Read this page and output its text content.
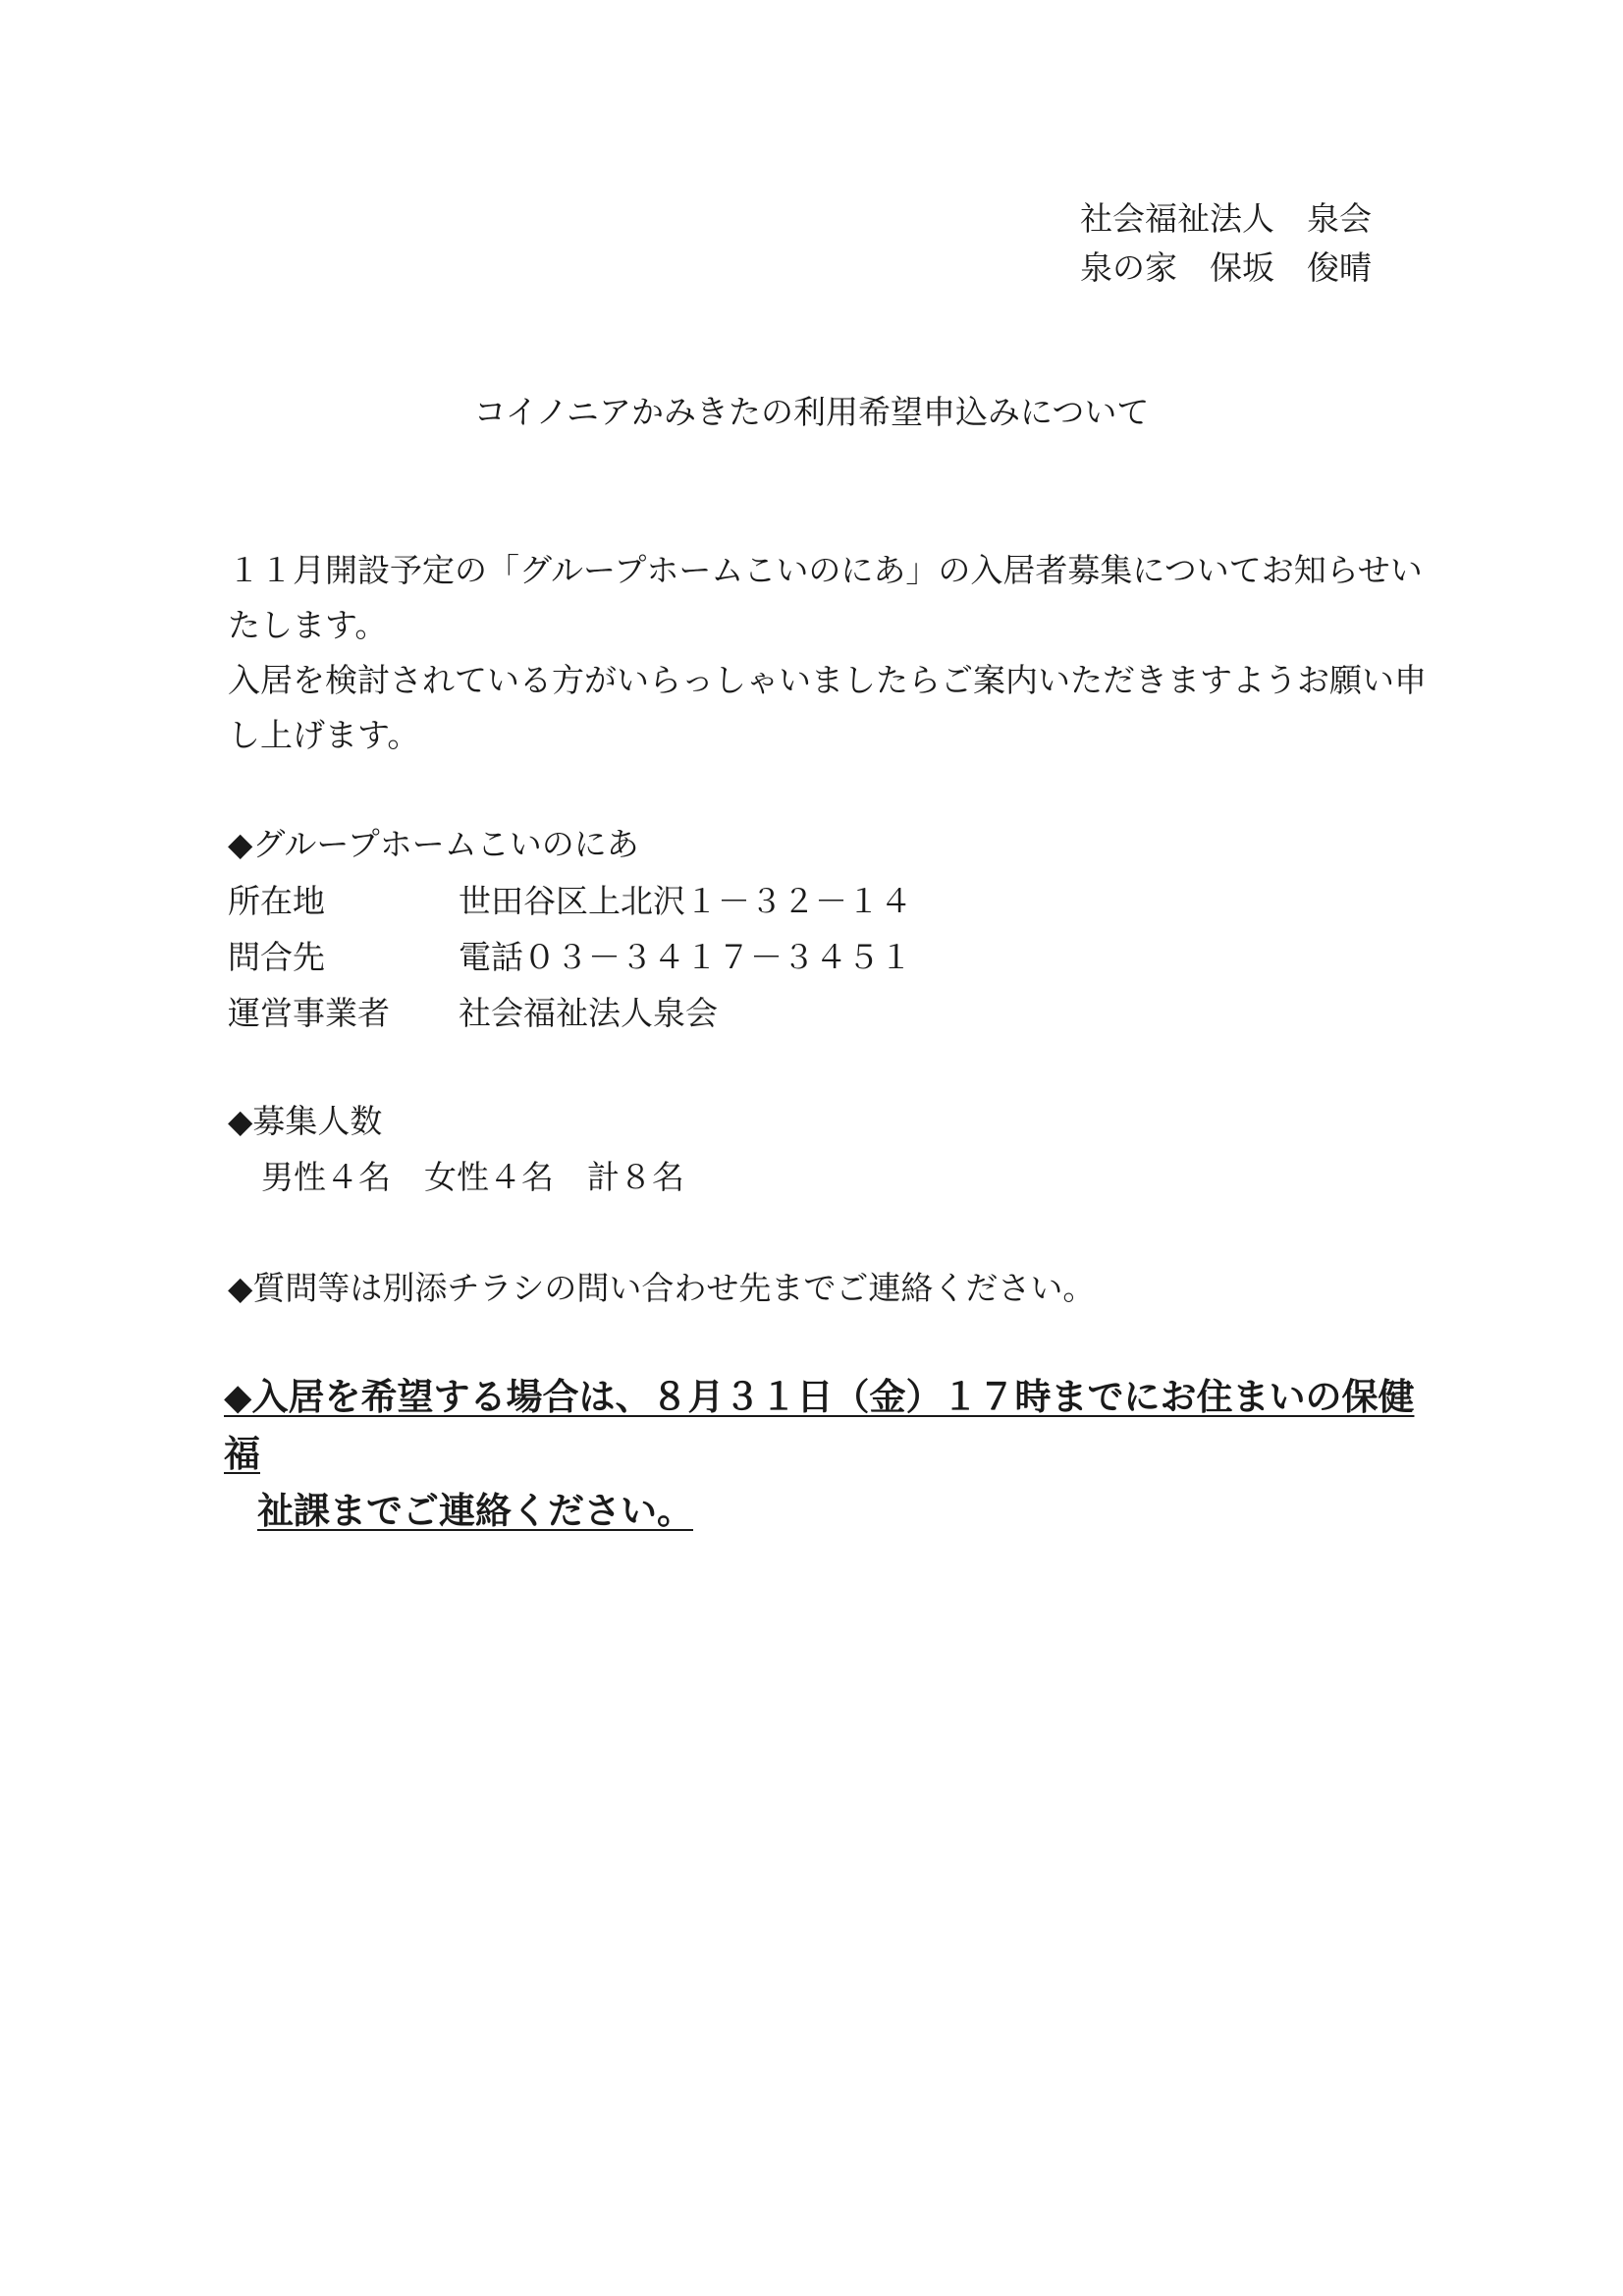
社会福祉法人　泉会
泉の家　保坂　俊晴
コイノニアかみきたの利用希望申込みについて

１１月開設予定の「グループホームこいのにあ」の入居者募集についてお知らせい

たします。

入居を検討されている方がいらっしゃいましたらご案内いただきますようお願い申

し上げます。

◆グループホームこいのにあ
所在地	世田谷区上北沢１－３２－１４
問合先	電話０３－３４１７－３４５１
運営事業者 社会福祉法人泉会
◆募集人数
男性４名 女性４名 計８名
◆質問等は別添チラシの問い合わせ先までご連絡ください。

◆入居を希望する場合は、８月３１日（金）１７時までにお住まいの保健福

祉課までご連絡ください。
